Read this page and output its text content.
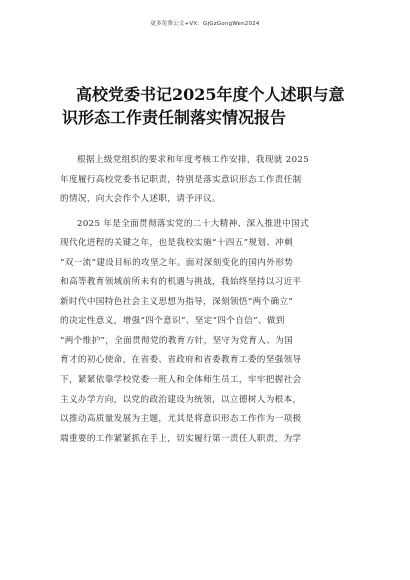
更多免费公文+VX：GjGzGongWen2024
高校党委书记2025年度个人述职与意
识形态工作责任制落实情况报告

根据上级党组织的要求和年度考核工作安排，我现就 2025
年度履行高校党委书记职责，特别是落实意识形态工作责任制
的情况，向大会作个人述职，请予评议。

2025 年是全面贯彻落实党的二十大精神、深入推进中国式
现代化进程的关键之年，也是我校实施“十四五”规划、冲刺
“双一流”建设目标的攻坚之年。面对深刻变化的国内外形势
和高等教育领域前所未有的机遇与挑战，我始终坚持以习近平
新时代中国特色社会主义思想为指导，深刻领悟“两个确立”
的决定性意义，增强“四个意识”、坚定“四个自信”、做到
“两个维护”，全面贯彻党的教育方针，坚守为党育人、为国
育才的初心使命，在省委、省政府和省委教育工委的坚强领导
下，紧紧依靠学校党委一班人和全体师生员工，牢牢把握社会
主义办学方向，以党的政治建设为统领，以立德树人为根本，
以推动高质量发展为主题，尤其是将意识形态工作作为一项极
端重要的工作紧紧抓在手上，切实履行第一责任人职责，为学
